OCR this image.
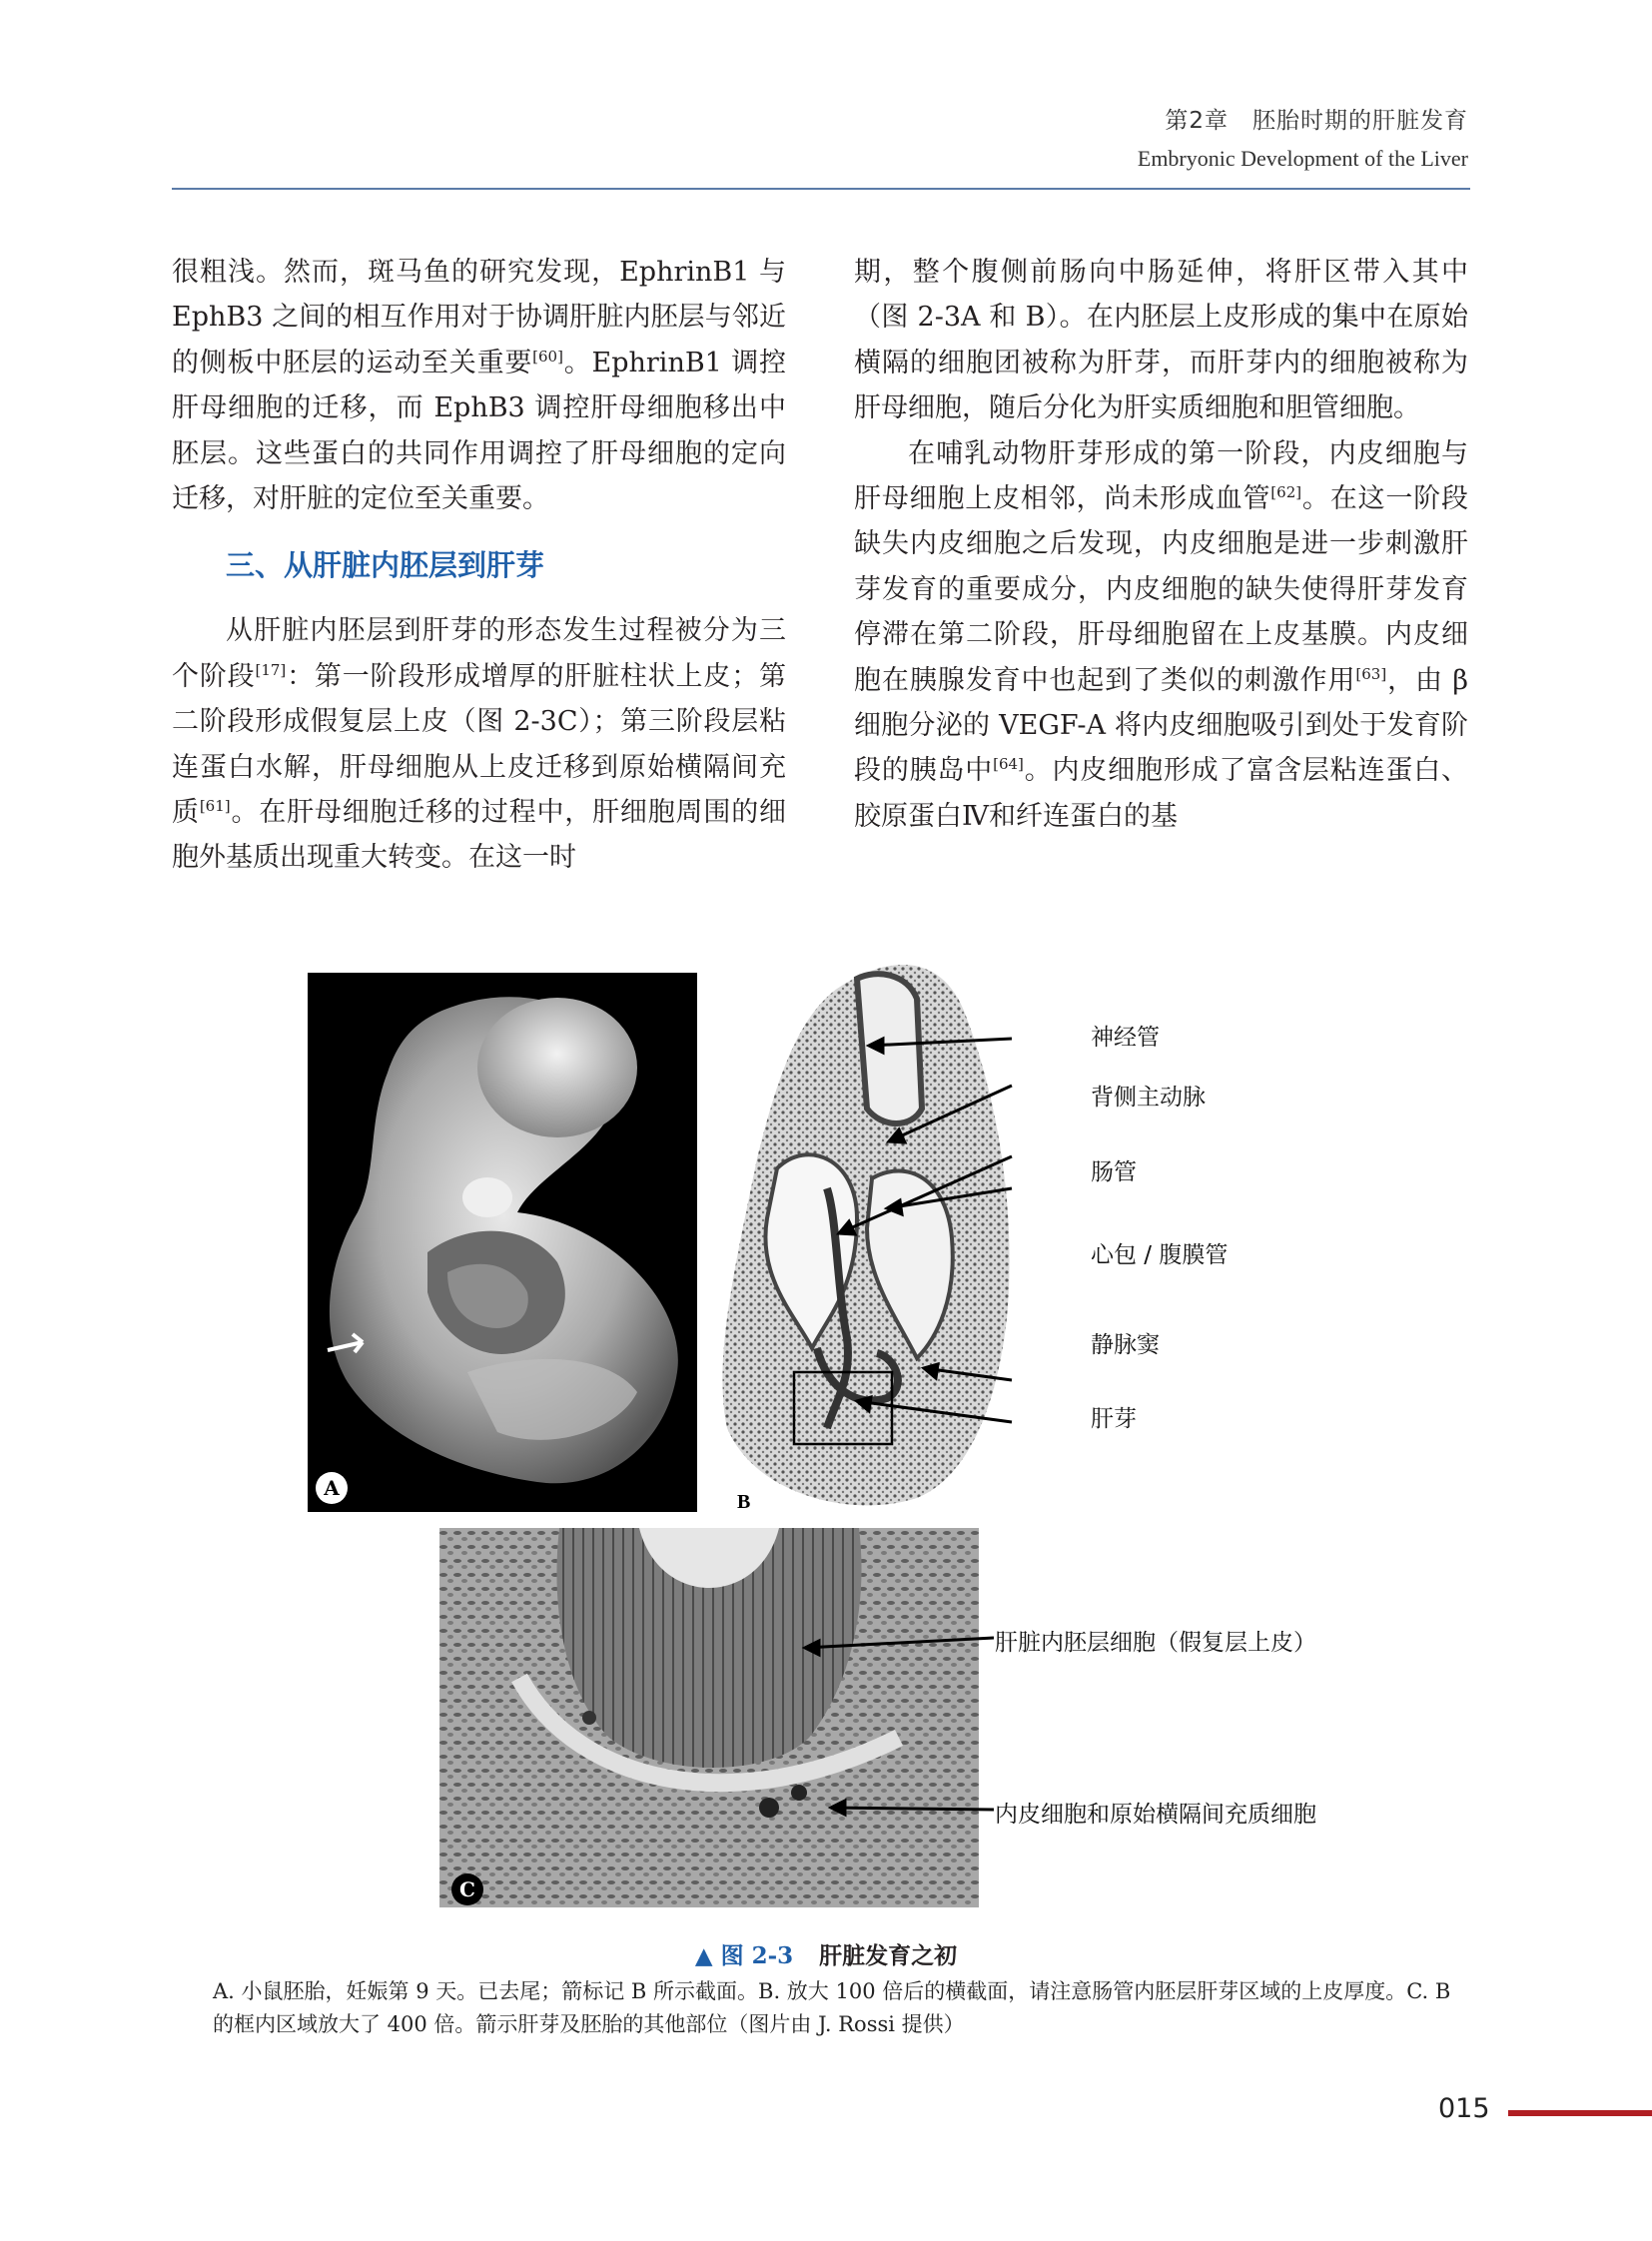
第2章　胚胎时期的肝脏发育
Embryonic Development of the Liver

很粗浅。然而，斑马鱼的研究发现，EphrinB1 与 EphB3 之间的相互作用对于协调肝脏内胚层与邻近的侧板中胚层的运动至关重要[60]。EphrinB1 调控肝母细胞的迁移，而 EphB3 调控肝母细胞移出中胚层。这些蛋白的共同作用调控了肝母细胞的定向迁移，对肝脏的定位至关重要。

三、从肝脏内胚层到肝芽

从肝脏内胚层到肝芽的形态发生过程被分为三个阶段[17]：第一阶段形成增厚的肝脏柱状上皮；第二阶段形成假复层上皮（图 2-3C）；第三阶段层粘连蛋白水解，肝母细胞从上皮迁移到原始横隔间充质[61]。在肝母细胞迁移的过程中，肝细胞周围的细胞外基质出现重大转变。在这一时

期，整个腹侧前肠向中肠延伸，将肝区带入其中（图 2-3A 和 B）。在内胚层上皮形成的集中在原始横隔的细胞团被称为肝芽，而肝芽内的细胞被称为肝母细胞，随后分化为肝实质细胞和胆管细胞。

在哺乳动物肝芽形成的第一阶段，内皮细胞与肝母细胞上皮相邻，尚未形成血管[62]。在这一阶段缺失内皮细胞之后发现，内皮细胞是进一步刺激肝芽发育的重要成分，内皮细胞的缺失使得肝芽发育停滞在第二阶段，肝母细胞留在上皮基膜。内皮细胞在胰腺发育中也起到了类似的刺激作用[63]，由 β 细胞分泌的 VEGF-A 将内皮细胞吸引到处于发育阶段的胰岛中[64]。内皮细胞形成了富含层粘连蛋白、胶原蛋白Ⅳ和纤连蛋白的基

A
B
神经管
背侧主动脉
肠管
心包 / 腹膜管
静脉窦
肝芽
C
肝脏内胚层细胞（假复层上皮）
内皮细胞和原始横隔间充质细胞
▲ 图 2-3 肝脏发育之初
A. 小鼠胚胎，妊娠第 9 天。已去尾；箭标记 B 所示截面。B. 放大 100 倍后的横截面，请注意肠管内胚层肝芽区域的上皮厚度。C. B 的框内区域放大了 400 倍。箭示肝芽及胚胎的其他部位（图片由 J. Rossi 提供）
015
